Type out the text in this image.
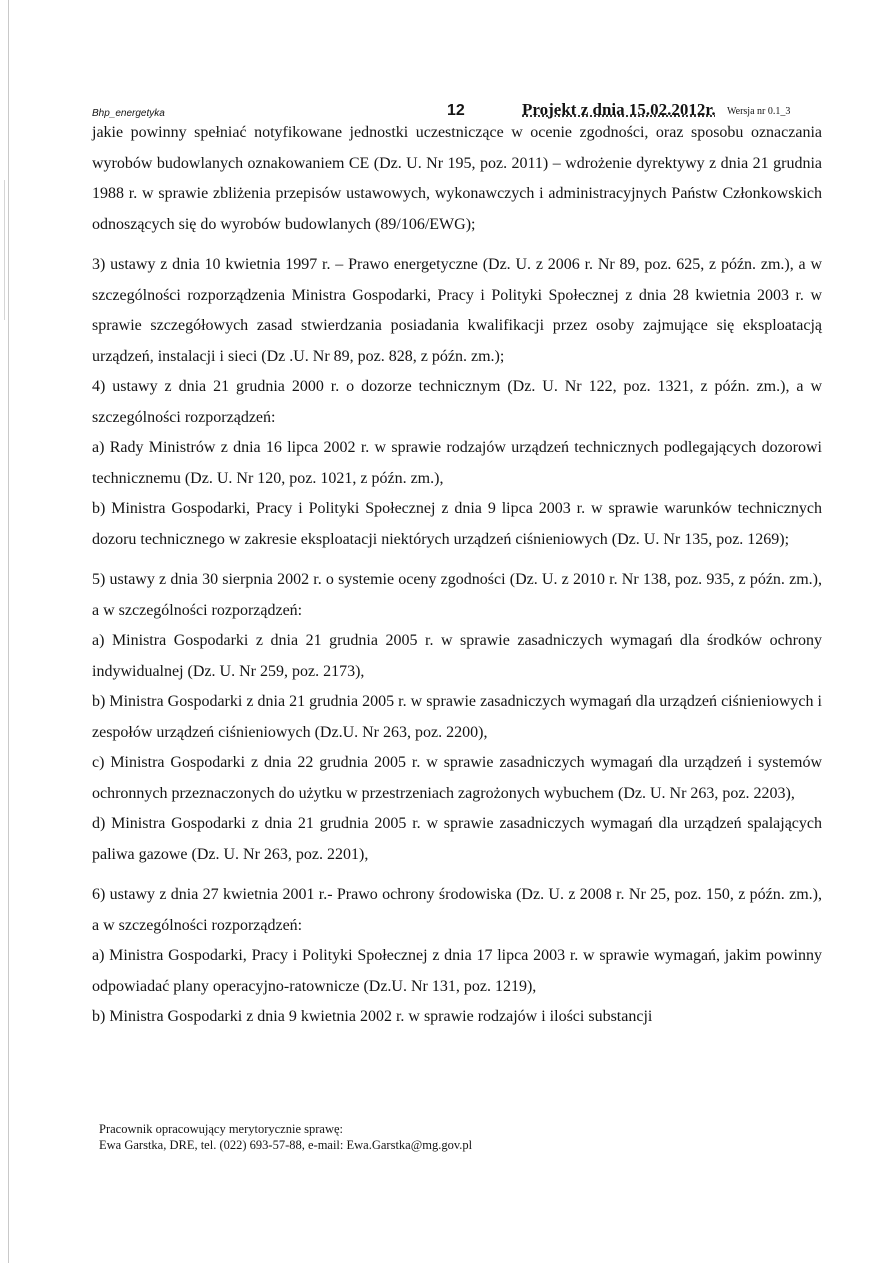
Bhp_energetyka	12	Projekt z dnia 15.02.2012r. Wersja nr 0.1_3

jakie powinny spełniać notyfikowane jednostki uczestniczące w ocenie zgodności, oraz sposobu oznaczania wyrobów budowlanych oznakowaniem CE (Dz. U. Nr 195, poz. 2011) – wdrożenie dyrektywy z dnia 21 grudnia 1988 r. w sprawie zbliżenia przepisów ustawowych, wykonawczych i administracyjnych Państw Członkowskich odnoszących się do wyrobów budowlanych (89/106/EWG);

3) ustawy z dnia 10 kwietnia 1997 r. – Prawo energetyczne (Dz. U. z 2006 r. Nr 89, poz. 625, z późn. zm.), a w szczególności rozporządzenia Ministra Gospodarki, Pracy i Polityki Społecznej z dnia 28 kwietnia 2003 r. w sprawie szczegółowych zasad stwierdzania posiadania kwalifikacji przez osoby zajmujące się eksploatacją urządzeń, instalacji i sieci (Dz .U. Nr 89, poz. 828, z późn. zm.);

4) ustawy z dnia 21 grudnia 2000 r. o dozorze technicznym (Dz. U. Nr 122, poz. 1321, z późn. zm.), a w szczególności rozporządzeń:

a) Rady Ministrów z dnia 16 lipca 2002 r. w sprawie rodzajów urządzeń technicznych podlegających dozorowi technicznemu (Dz. U. Nr 120, poz. 1021, z późn. zm.),

b) Ministra Gospodarki, Pracy i Polityki Społecznej z dnia 9 lipca 2003 r. w sprawie warunków technicznych dozoru technicznego w zakresie eksploatacji niektórych urządzeń ciśnieniowych (Dz. U. Nr 135, poz. 1269);

5) ustawy z dnia 30 sierpnia 2002 r. o systemie oceny zgodności (Dz. U. z 2010 r. Nr 138, poz. 935, z późn. zm.), a w szczególności rozporządzeń:

a) Ministra Gospodarki z dnia 21 grudnia 2005 r. w sprawie zasadniczych wymagań dla środków ochrony indywidualnej (Dz. U. Nr 259, poz. 2173),

b) Ministra Gospodarki z dnia 21 grudnia 2005 r. w sprawie zasadniczych wymagań dla urządzeń ciśnieniowych i zespołów urządzeń ciśnieniowych (Dz.U. Nr 263, poz. 2200),

c) Ministra Gospodarki z dnia 22 grudnia 2005 r. w sprawie zasadniczych wymagań dla urządzeń i systemów ochronnych przeznaczonych do użytku w przestrzeniach zagrożonych wybuchem (Dz. U. Nr 263, poz. 2203),

d) Ministra Gospodarki z dnia 21 grudnia 2005 r. w sprawie zasadniczych wymagań dla urządzeń spalających paliwa gazowe (Dz. U. Nr 263, poz. 2201),

6) ustawy z dnia 27 kwietnia 2001 r.- Prawo ochrony środowiska (Dz. U. z 2008 r. Nr 25, poz. 150, z późn. zm.), a w szczególności rozporządzeń:

a) Ministra Gospodarki, Pracy i Polityki Społecznej z dnia 17 lipca 2003 r. w sprawie wymagań, jakim powinny odpowiadać plany operacyjno-ratownicze (Dz.U. Nr 131, poz. 1219),

b) Ministra Gospodarki z dnia 9 kwietnia 2002 r. w sprawie rodzajów i ilości substancji

Pracownik opracowujący merytorycznie sprawę:
Ewa Garstka, DRE, tel. (022) 693-57-88, e-mail: Ewa.Garstka@mg.gov.pl
